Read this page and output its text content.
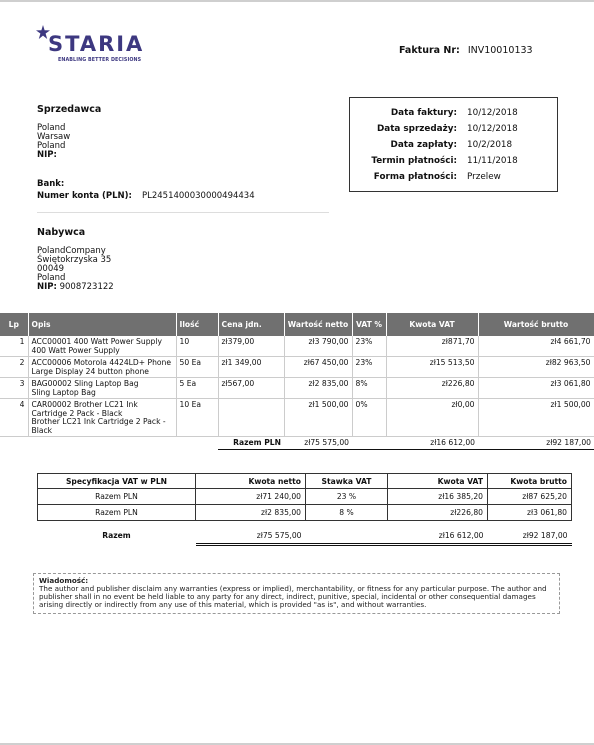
STARIA
ENABLING BETTER DECISIONS
Faktura Nr: INV10010133
Sprzedawca
Poland
Warsaw
Poland
NIP:
Bank:
Numer konta (PLN): PL24514000300004944​34
Nabywca
PolandCompany
Świętokrzyska 35
00049
Poland
NIP: 9008723122
Data faktury: 10/12/2018
Data sprzedaży: 10/12/2018
Data zapłaty: 10/2/2018
Termin płatności: 11/11/2018
Forma płatności: Przelew
Lp	Opis	Ilość	Cena jdn.	Wartość netto	VAT %	Kwota VAT	Wartość brutto
1	ACC00001 400 Watt Power Supply
400 Watt Power Supply	10	zł379,00	zł3 790,00	23%	zł871,70	zł4 661,70
2	ACC00006 Motorola 4424LD+ Phone
Large Display 24 button phone	50 Ea	zł1 349,00	zł67 450,00	23%	zł15 513,50	zł82 963,50
3	BAG00002 Sling Laptop Bag
Sling Laptop Bag	5 Ea	zł567,00	zł2 835,00	8%	zł226,80	zł3 061,80
4	CAR00002 Brother LC21 Ink Cartridge 2 Pack - Black
Brother LC21 Ink Cartridge 2 Pack - Black	10 Ea		zł1 500,00	0%	zł0,00	zł1 500,00
			Razem PLN	zł75 575,00		zł16 612,00	zł92 187,00
Specyfikacja VAT w PLN	Kwota netto	Stawka VAT	Kwota VAT	Kwota brutto
Razem PLN	zł71 240,00	23 %	zł16 385,20	zł87 625,20
Razem PLN	zł2 835,00	8 %	zł226,80	zł3 061,80
Razem	zł75 575,00		zł16 612,00	zł92 187,00
Wiadomość:
The author and publisher disclaim any warranties (express or implied), merchantability, or fitness for any particular purpose. The author and publisher shall in no event be held liable to any party for any direct, indirect, punitive, special, incidental or other consequential damages arising directly or indirectly from any use of this material, which is provided "as is", and without warranties.
